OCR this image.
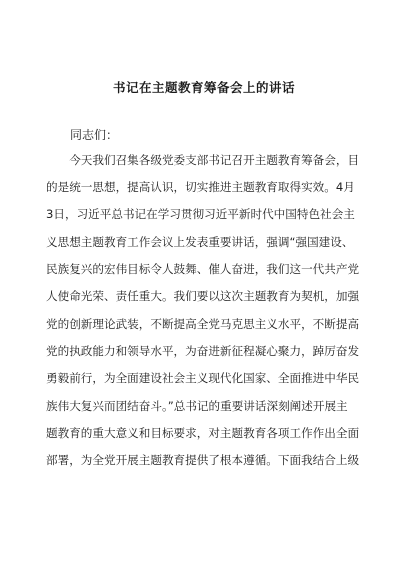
书记在主题教育筹备会上的讲话
同志们：
　　今天我们召集各级党委支部书记召开主题教育筹备会，目
的是统一思想，提高认识，切实推进主题教育取得实效。4月
3日，习近平总书记在学习贯彻习近平新时代中国特色社会主
义思想主题教育工作会议上发表重要讲话，强调“强国建设、
民族复兴的宏伟目标令人鼓舞、催人奋进，我们这一代共产党
人使命光荣、责任重大。我们要以这次主题教育为契机，加强
党的创新理论武装，不断提高全党马克思主义水平，不断提高
党的执政能力和领导水平，为奋进新征程凝心聚力，踔厉奋发
勇毅前行，为全面建设社会主义现代化国家、全面推进中华民
族伟大复兴而团结奋斗。”总书记的重要讲话深刻阐述开展主
题教育的重大意义和目标要求，对主题教育各项工作作出全面
部署，为全党开展主题教育提供了根本遵循。下面我结合上级
